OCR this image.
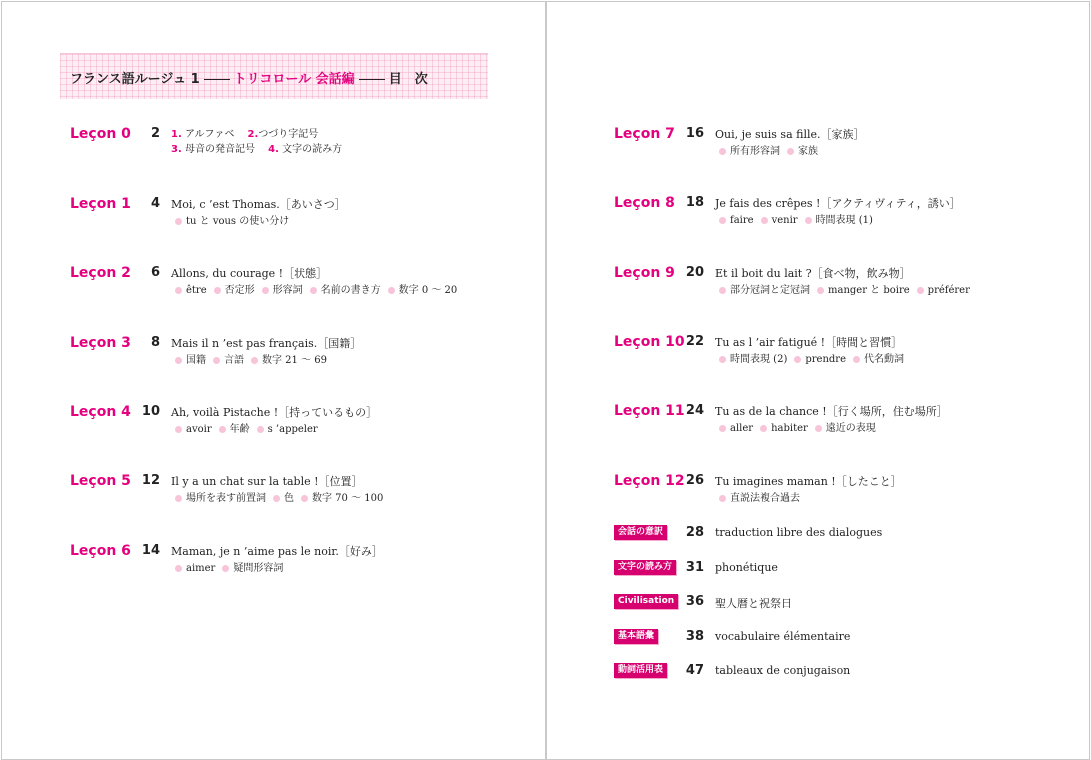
フランス語ルージュ 1	トリコロール 会話編	目　次
Leçon 0	2 1. アルファベ　 2.つづり字記号
3. 母音の発音記号　 4. 文字の読み方
Leçon 1	4 Moi, c ’est Thomas.［あいさつ］
tu と vous の使い分け
Leçon 2	6 Allons, du courage !［状態］
être 否定形 形容詞 名前の書き方 数字 0 ～ 20
Leçon 3	8 Mais il n ’est pas français.［国籍］
国籍 言語 数字 21 ～ 69
Leçon 4 10 Ah, voilà Pistache !［持っているもの］
avoir 年齢 s ’appeler
Leçon 5 12 Il y a un chat sur la table !［位置］
場所を表す前置詞 色 数字 70 ～ 100
Leçon 6 14 Maman, je n ’aime pas le noir.［好み］
aimer 疑問形容詞
Leçon 7 16 Oui, je suis sa fille.［家族］
所有形容詞 家族
Leçon 8 18 Je fais des crêpes !［アクティヴィティ，誘い］
faire venir 時間表現 (1)
Leçon 9 20 Et il boit du lait ?［食べ物，飲み物］
部分冠詞と定冠詞 manger と boire préférer
Leçon 10 22 Tu as l ’air fatigué !［時間と習慣］
時間表現 (2) prendre 代名動詞
Leçon 11 24 Tu as de la chance !［行く場所，住む場所］
aller habiter 遠近の表現
Leçon 12 26 Tu imagines maman !［したこと］
直説法複合過去
会話の意訳	28 traduction libre des dialogues
文字の読み方	31 phonétique
Civilisation 36 聖人暦と祝祭日
基本語彙	38 vocabulaire élémentaire
動詞活用表	47 tableaux de conjugaison
